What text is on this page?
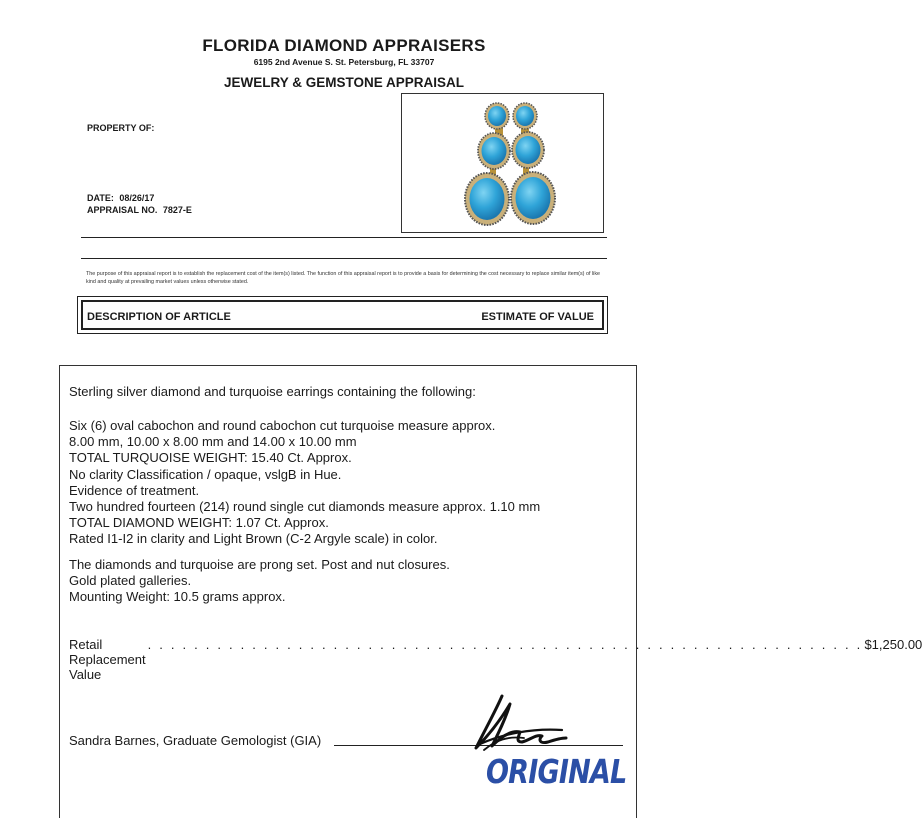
FLORIDA DIAMOND APPRAISERS
6195 2nd Avenue S. St. Petersburg, FL 33707
JEWELRY & GEMSTONE APPRAISAL
PROPERTY OF:
DATE: 08/26/17
APPRAISAL NO. 7827-E
The purpose of this appraisal report is to establish the replacement cost of the item(s) listed. The function of this appraisal report is to provide a basis for determining the cost necessary to replace similar item(s) of like kind and quality at prevailing market values unless otherwise stated.
DESCRIPTION OF ARTICLE	ESTIMATE OF VALUE
Sterling silver diamond and turquoise earrings containing the following:
Six (6) oval cabochon and round cabochon cut turquoise measure approx.
8.00 mm, 10.00 x 8.00 mm and 14.00 x 10.00 mm
TOTAL TURQUOISE WEIGHT: 15.40 Ct. Approx.
No clarity Classification / opaque, vslgB in Hue.
Evidence of treatment.
Two hundred fourteen (214) round single cut diamonds measure approx. 1.10 mm
TOTAL DIAMOND WEIGHT: 1.07 Ct. Approx.
Rated I1-I2 in clarity and Light Brown (C-2 Argyle scale) in color.
The diamonds and turquoise are prong set. Post and nut closures.
Gold plated galleries.
Mounting Weight: 10.5 grams approx.
Retail Replacement Value
. . . . . . . . . . . . . . . . . . . . . . . . . . . . . . . . . . . . . . . . . . . . . . . . . . . . . . . . . . . . . . $1,250.00
Sandra Barnes, Graduate Gemologist (GIA)
ORIGINAL
